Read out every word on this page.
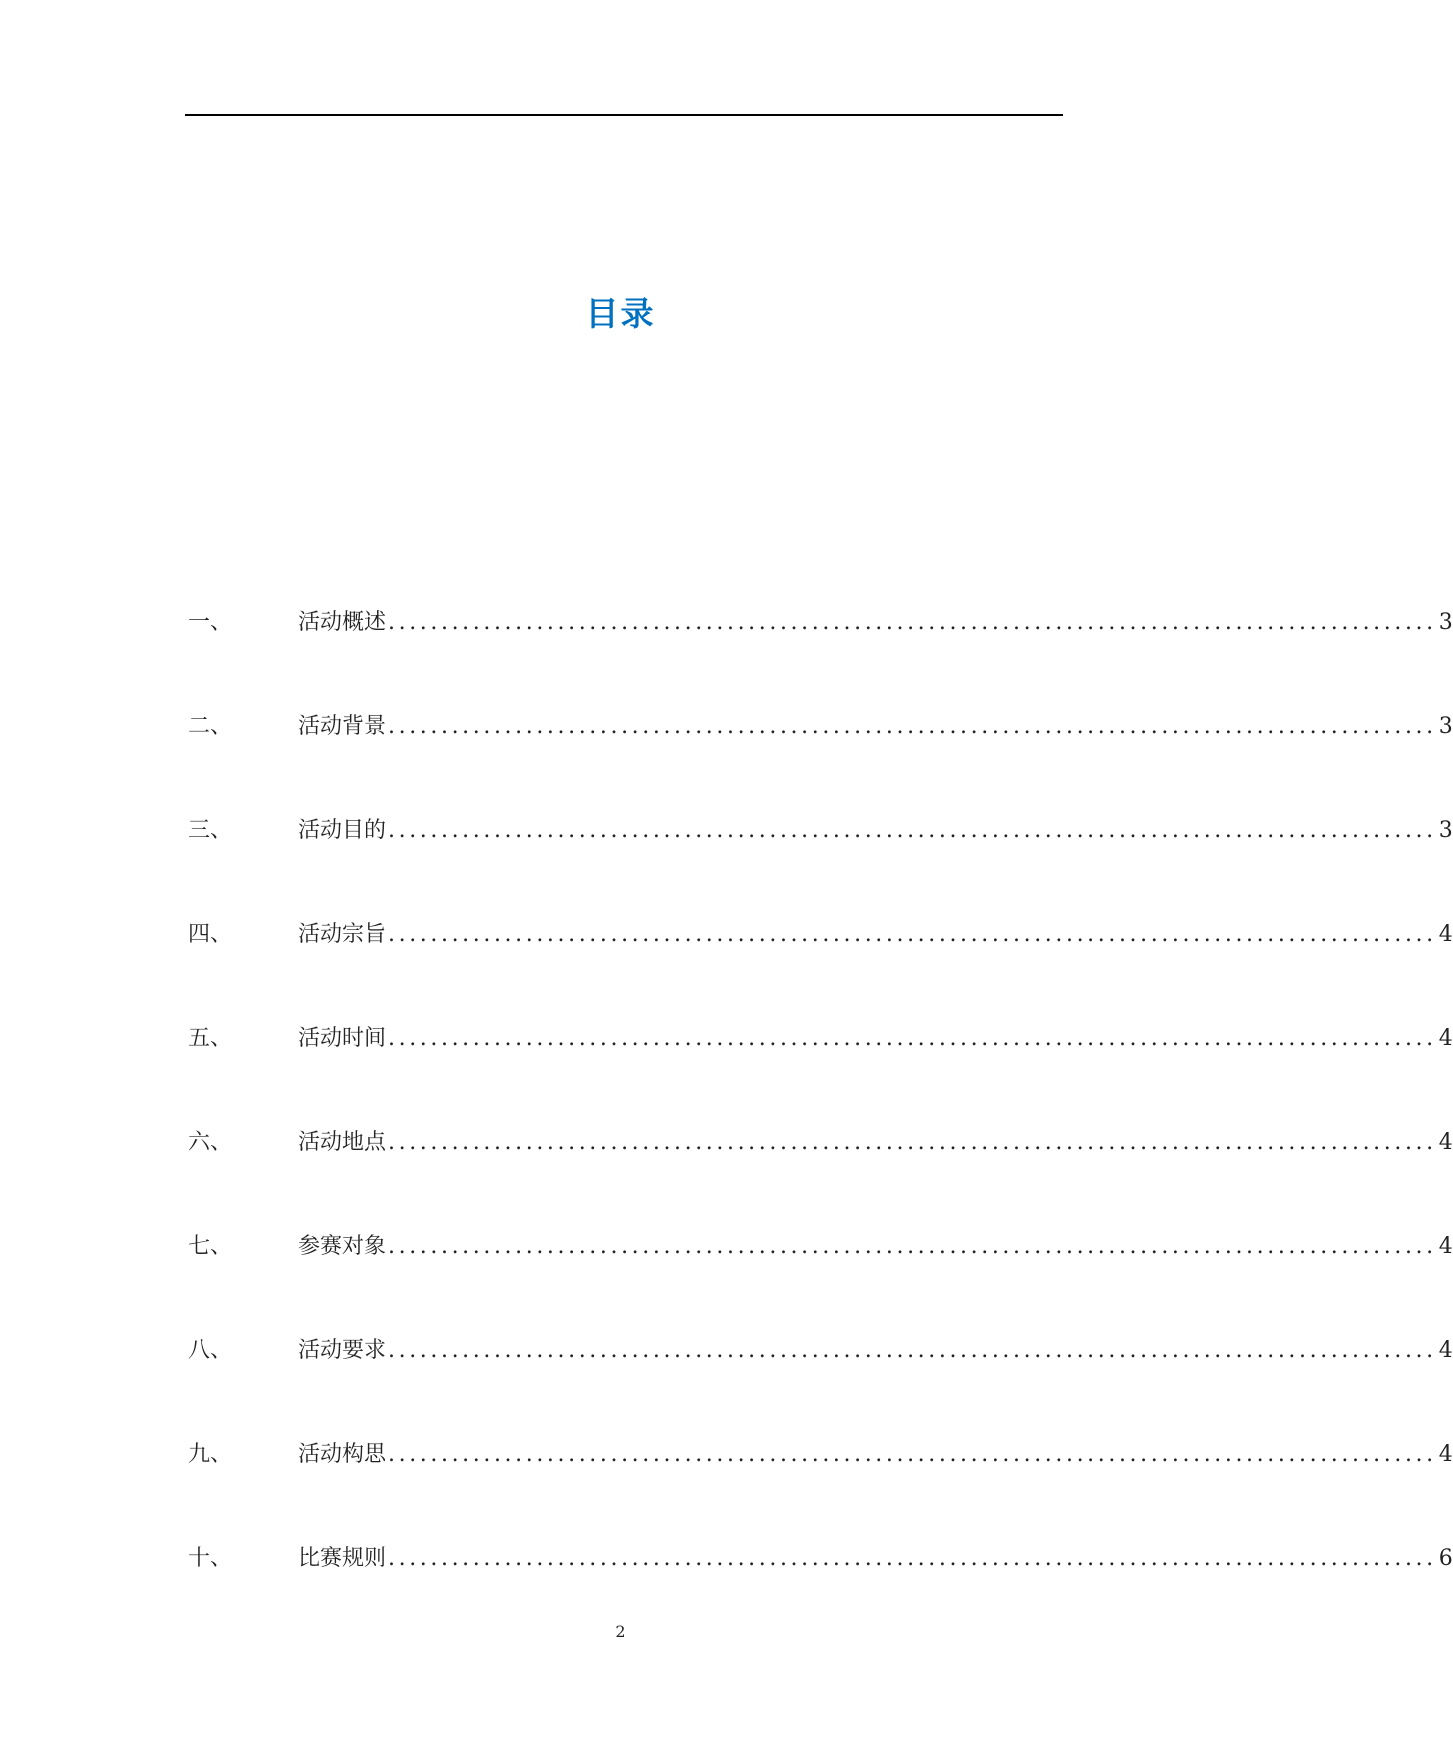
目录
一、	活动概述 ................................................................................................... 3
二、	活动背景 ................................................................................................... 3
三、	活动目的 ................................................................................................... 3
四、	活动宗旨 ................................................................................................... 4
五、	活动时间 ................................................................................................... 4
六、	活动地点 ................................................................................................... 4
七、	参赛对象 ................................................................................................... 4
八、	活动要求 ................................................................................................... 4
九、	活动构思 ................................................................................................... 4
十、	比赛规则 ................................................................................................... 6
2
